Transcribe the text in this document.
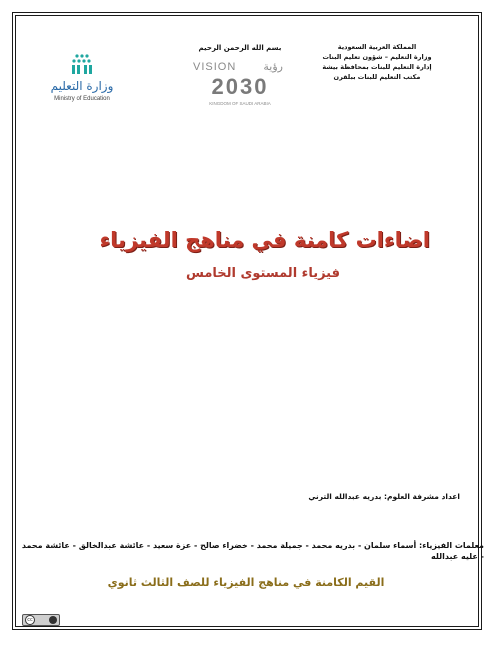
المملكة العربية السعودية
وزارة التعليم – شؤون تعليم البنات
إدارة التعليم للبنات بمحافظة بيشة
مكتب التعليم للبنات ببلقرن
بسم الله الرحمن الرحيم
VISION رؤية
2030
KINGDOM OF SAUDI ARABIA
وزارة التعليم
Ministry of Education
اضاءات كامنة في مناهج الفيزياء
فيزياء المستوى الخامس
اعداد مشرفة العلوم: بدريه عبدالله الترني
معلمات الفيزياء: أسماء سلمان - بدريه محمد - جميلة محمد - خضراء صالح - عزة سعيد - عائشة عبدالخالق - عائشة محمد - عليه عبدالله
القيم الكامنة في مناهج الفيزياء للصف الثالث ثانوي
cc
